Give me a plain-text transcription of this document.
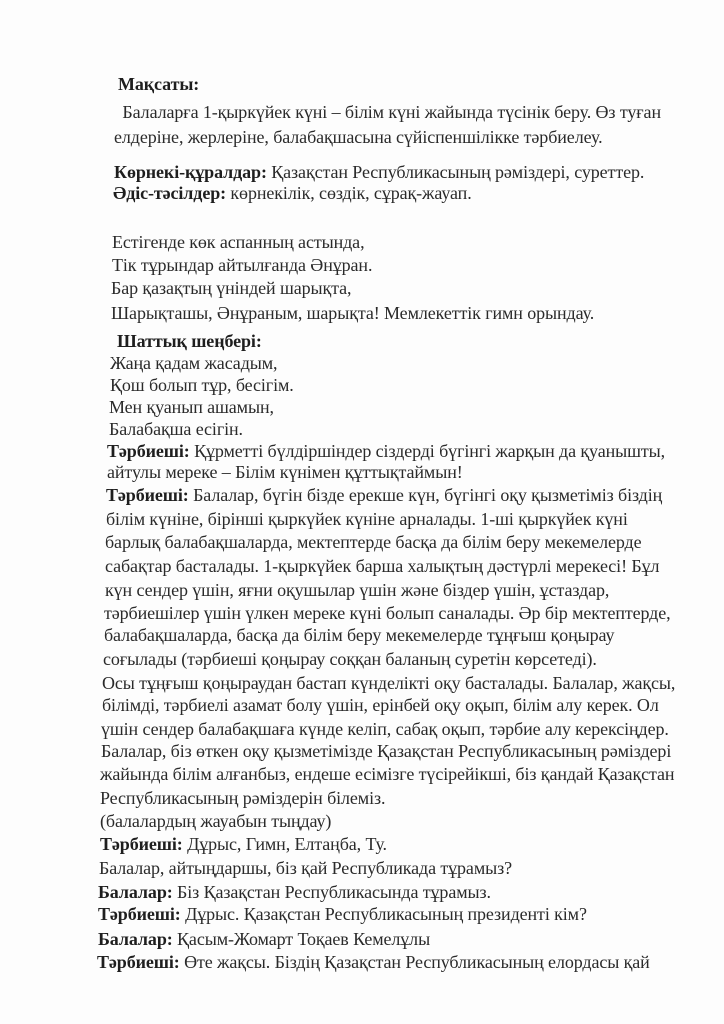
Мақсаты:
Балаларға 1-қыркүйек күні – білім күні жайында түсінік беру. Өз туған
елдеріне, жерлеріне, балабақшасына сүйіспеншілікке тәрбиелеу.
Көрнекі-құралдар: Қазақстан Республикасының рәміздері, суреттер.
Әдіс-тәсілдер: көрнекілік, сөздік, сұрақ-жауап.
Естігенде көк аспанның астында,
Тік тұрындар айтылғанда Әнұран.
Бар қазақтың үніндей шарықта,
Шарықташы, Әнұраным, шарықта! Мемлекеттік гимн орындау.
Шаттық шеңбері:
Жаңа қадам жасадым,
Қош болып тұр, бесігім.
Мен қуанып ашамын,
Балабақша есігін.
Тәрбиеші: Құрметті бүлдіршіндер сіздерді бүгінгі жарқын да қуанышты,
айтулы мереке – Білім күнімен құттықтаймын!
Тәрбиеші: Балалар, бүгін бізде ерекше күн, бүгінгі оқу қызметіміз біздің
білім күніне, бірінші қыркүйек күніне арналады. 1-ші қыркүйек күні
барлық балабақшаларда, мектептерде басқа да білім беру мекемелерде
сабақтар басталады. 1-қыркүйек барша халықтың дәстүрлі мерекесі! Бұл
күн сендер үшін, яғни оқушылар үшін және біздер үшін, ұстаздар,
тәрбиешілер үшін үлкен мереке күні болып саналады. Әр бір мектептерде,
балабақшаларда, басқа да білім беру мекемелерде тұңғыш қоңырау
соғылады (тәрбиеші қоңырау соққан баланың суретін көрсетеді).
Осы тұңғыш қоңыраудан бастап күнделікті оқу басталады. Балалар, жақсы,
білімді, тәрбиелі азамат болу үшін, ерінбей оқу оқып, білім алу керек. Ол
үшін сендер балабақшаға күнде келіп, сабақ оқып, тәрбие алу керексіңдер.
Балалар, біз өткен оқу қызметімізде Қазақстан Республикасының рәміздері
жайында білім алғанбыз, ендеше есімізге түсірейікші, біз қандай Қазақстан
Республикасының рәміздерін білеміз.
(балалардың жауабын тыңдау)
Тәрбиеші: Дұрыс, Гимн, Елтаңба, Ту.
Балалар, айтыңдаршы, біз қай Республикада тұрамыз?
Балалар: Біз Қазақстан Республикасында тұрамыз.
Тәрбиеші: Дұрыс. Қазақстан Республикасының президенті кім?
Балалар: Қасым-Жомарт Тоқаев Кемелұлы
Тәрбиеші: Өте жақсы. Біздің Қазақстан Республикасының елордасы қай
